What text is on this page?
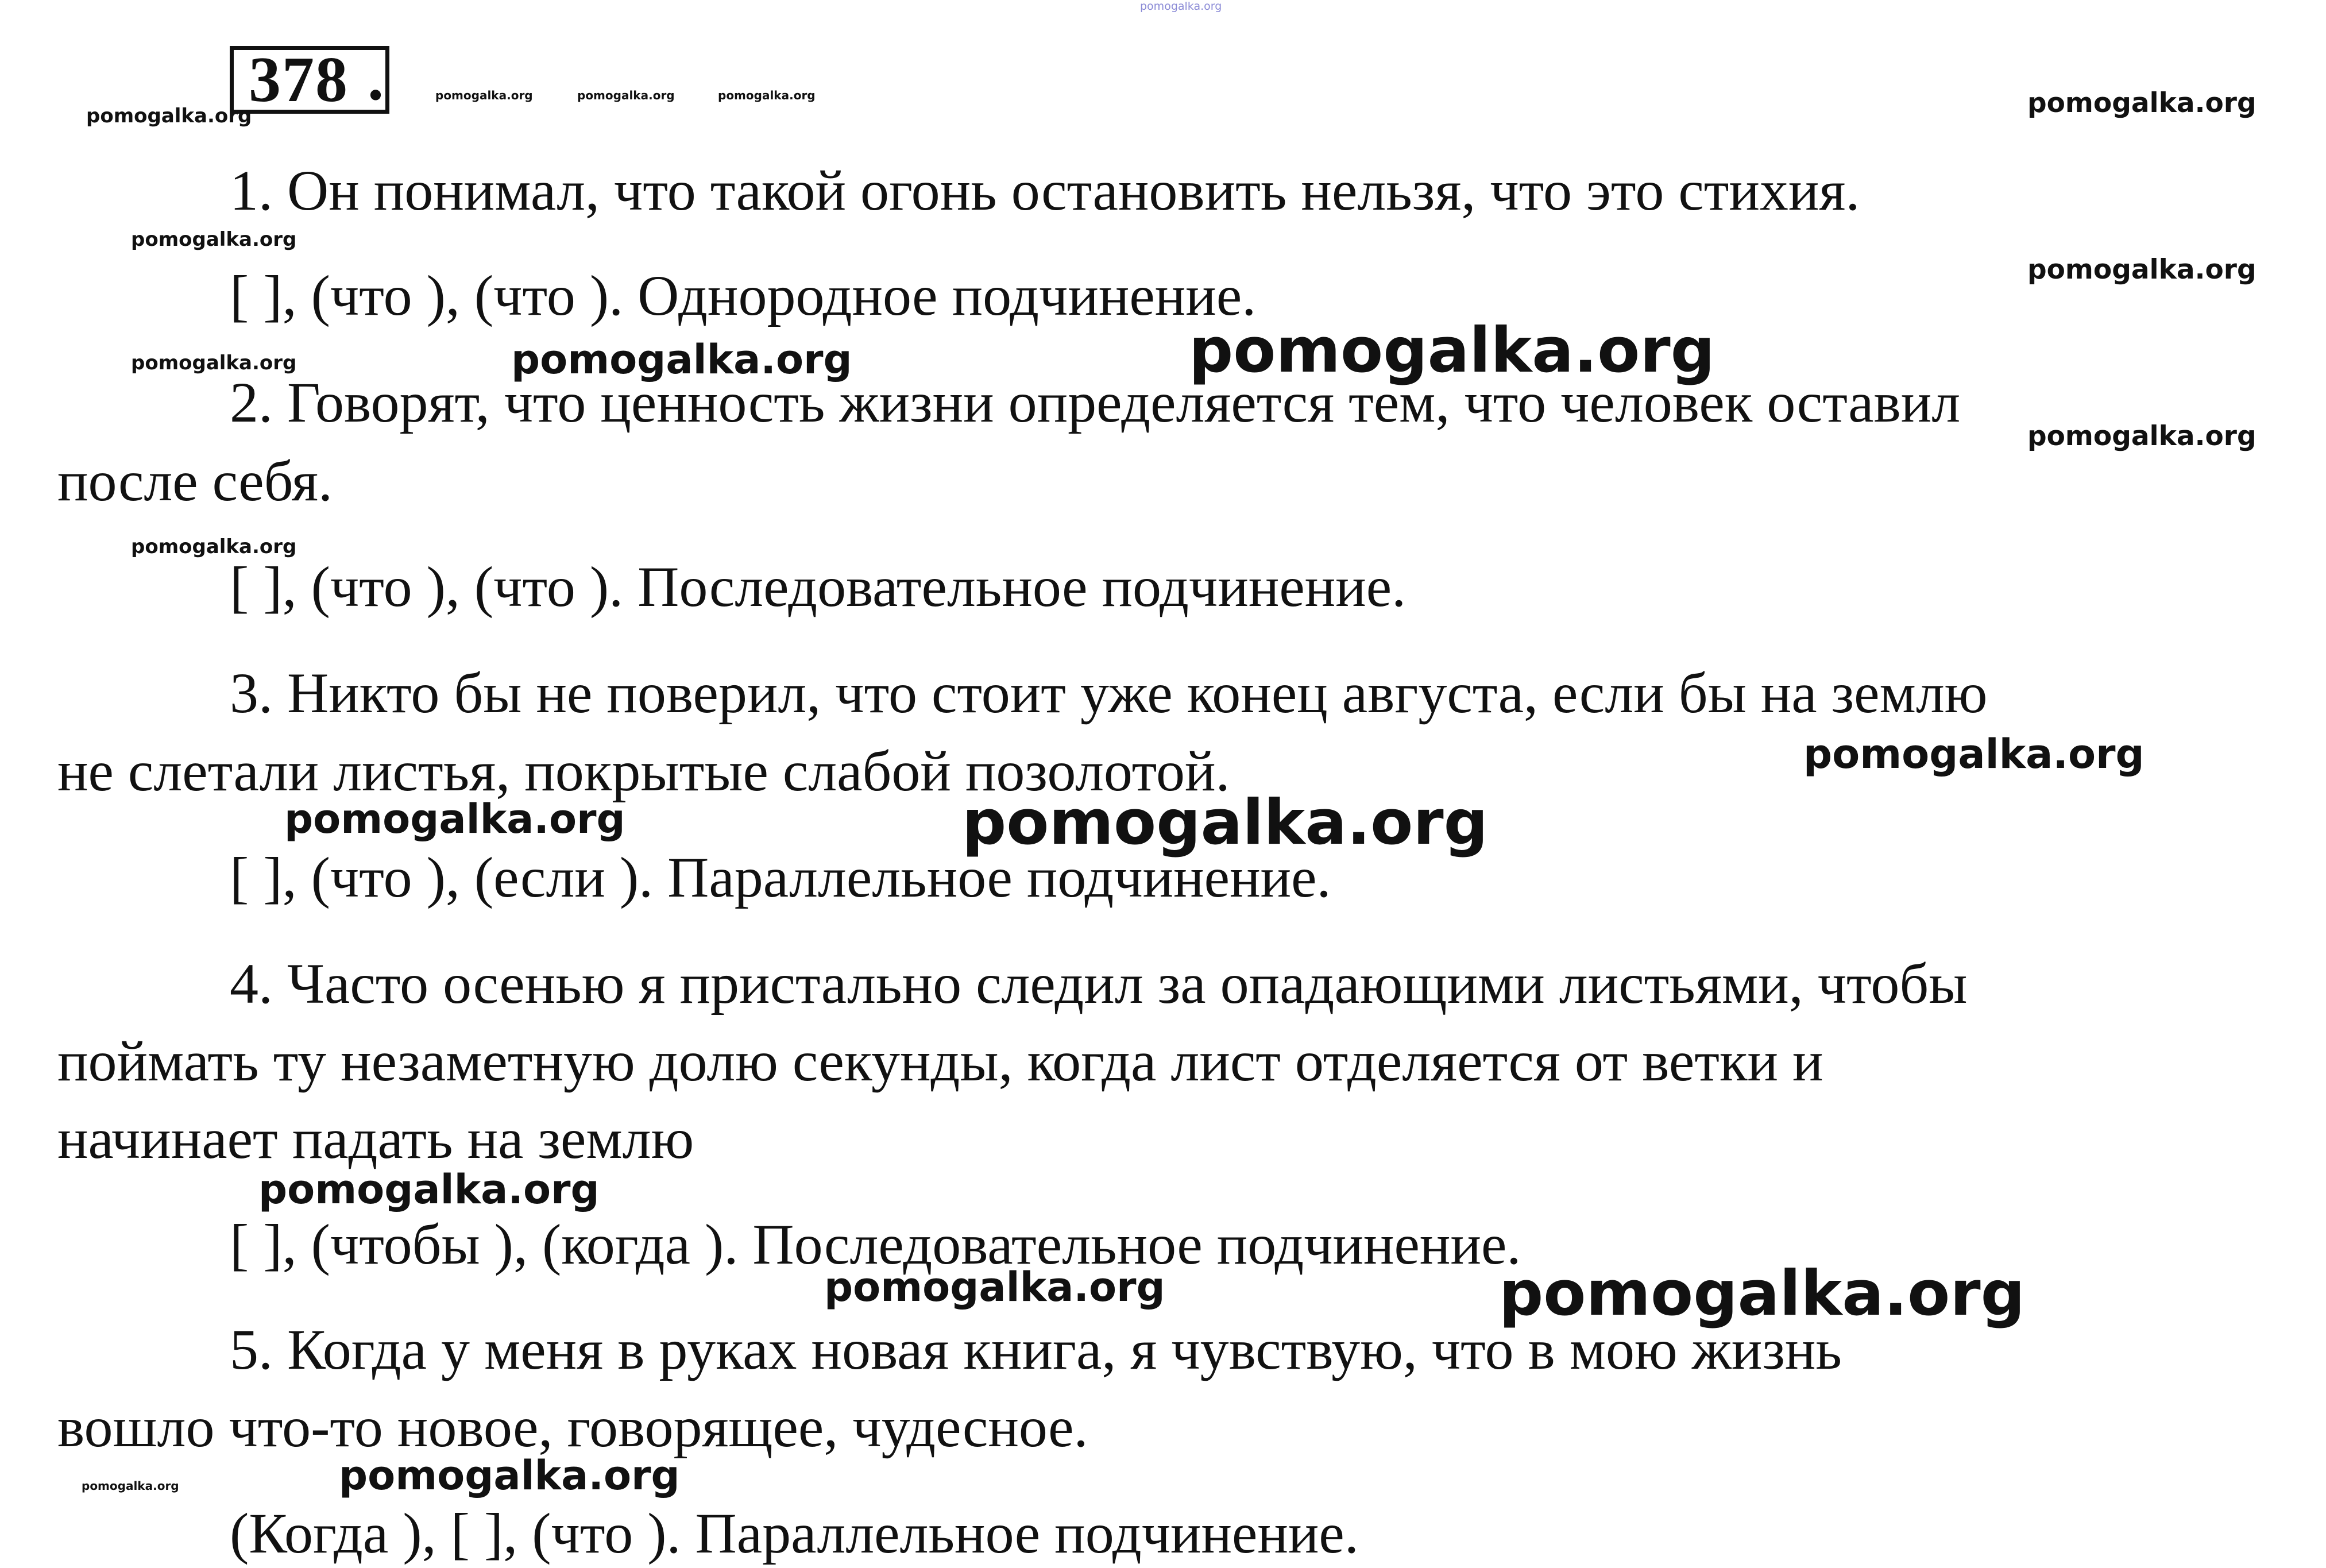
pomogalka.org
378 .	pomogalka.org	pomogalka.org	pomogalka.org
pomogalka.org	pomogalka.org
1. Он понимал, что такой огонь остановить нельзя, что это стихия.
pomogalka.org
pomogalka.org
[ ], (что ), (что ). Однородное подчинение.
pomogalka.org	pomogalka.org	pomogalka.org
2. Говорят, что ценность жизни определяется тем, что человек оставил
pomogalka.org
после себя.
pomogalka.org
[ ], (что ), (что ). Последовательное подчинение.
3. Никто бы не поверил, что стоит уже конец августа, если бы на землю
pomogalka.org
не слетали листья, покрытые слабой позолотой.
pomogalka.org	pomogalka.org
[ ], (что ), (если ). Параллельное подчинение.
4. Часто осенью я пристально следил за опадающими листьями, чтобы
поймать ту незаметную долю секунды, когда лист отделяется от ветки и
начинает падать на землю
pomogalka.org
[ ], (чтобы ), (когда ). Последовательное подчинение.
pomogalka.org	pomogalka.org
5. Когда у меня в руках новая книга, я чувствую, что в мою жизнь
вошло что-то новое, говорящее, чудесное.
pomogalka.org	pomogalka.org
(Когда ), [ ], (что ). Параллельное подчинение.
